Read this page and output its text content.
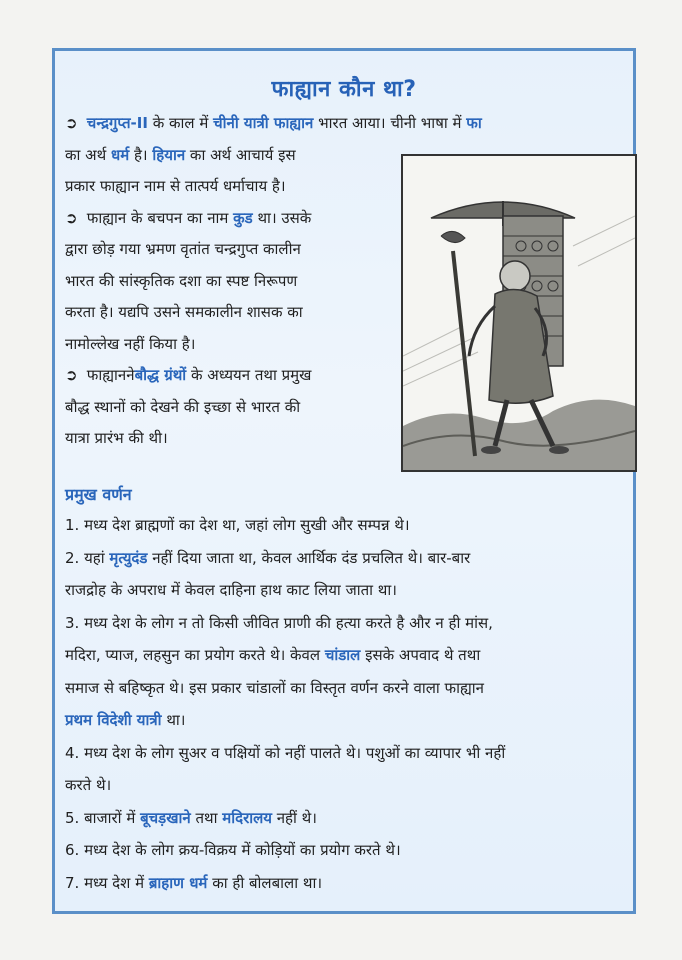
फाह्यान कौन था?
➲ चन्द्रगुप्त-II के काल में चीनी यात्री फाह्यान भारत आया। चीनी भाषा में फा
का अर्थ धर्म है। हियान का अर्थ आचार्य इस
प्रकार फाह्यान नाम से तात्पर्य धर्माचाय है।
➲ फाह्यान के बचपन का नाम कुड था। उसके
द्वारा छोड़ गया भ्रमण वृतांत चन्द्रगुप्त कालीन
भारत की सांस्कृतिक दशा का स्पष्ट निरूपण
करता है। यद्यपि उसने समकालीन शासक का
नामोल्लेख नहीं किया है।
➲ फाह्याननेबौद्ध ग्रंथों के अध्ययन तथा प्रमुख
बौद्ध स्थानों को देखने की इच्छा से भारत की
यात्रा प्रारंभ की थी।
प्रमुख वर्णन
1. मध्य देश ब्राह्मणों का देश था, जहां लोग सुखी और सम्पन्न थे।
2. यहां मृत्युदंड नहीं दिया जाता था, केवल आर्थिक दंड प्रचलित थे। बार-बार
राजद्रोह के अपराध में केवल दाहिना हाथ काट लिया जाता था।
3. मध्य देश के लोग न तो किसी जीवित प्राणी की हत्या करते है और न ही मांस,
मदिरा, प्याज, लहसुन का प्रयोग करते थे। केवल चांडाल इसके अपवाद थे तथा
समाज से बहिष्कृत थे। इस प्रकार चांडालों का विस्तृत वर्णन करने वाला फाह्यान
प्रथम विदेशी यात्री था।
4. मध्य देश के लोग सुअर व पक्षियों को नहीं पालते थे। पशुओं का व्यापार भी नहीं
करते थे।
5. बाजारों में बूचड़खाने तथा मदिरालय नहीं थे।
6. मध्य देश के लोग क्रय-विक्रय में कोड़ियों का प्रयोग करते थे।
7. मध्य देश में ब्राहाण धर्म का ही बोलबाला था।
